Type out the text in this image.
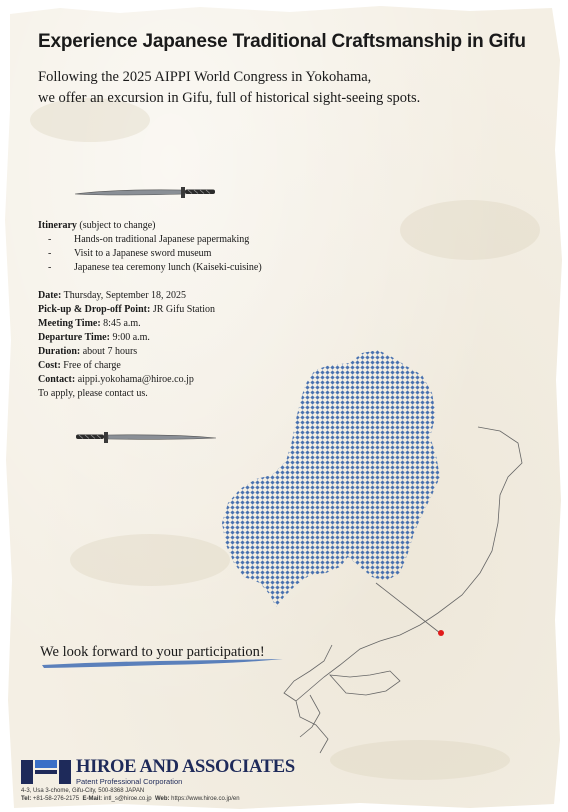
Experience Japanese Traditional Craftsmanship in Gifu
Following the 2025 AIPPI World Congress in Yokohama,
we offer an excursion in Gifu, full of historical sight-seeing spots.
Itinerary (subject to change)
- Hands-on traditional Japanese papermaking
- Visit to a Japanese sword museum
- Japanese tea ceremony lunch (Kaiseki-cuisine)
Date: Thursday, September 18, 2025
Pick-up & Drop-off Point: JR Gifu Station
Meeting Time: 8:45 a.m.
Departure Time: 9:00 a.m.
Duration: about 7 hours
Cost: Free of charge
Contact: aippi.yokohama@hiroe.co.jp
To apply, please contact us.
We look forward to your participation!
HIROE AND ASSOCIATES
Patent Professional Corporation
4-3, Usa 3-chome, Gifu-City, 500-8368 JAPAN
Tel: +81-58-276-2175 E-Mail: intl_s@hiroe.co.jp Web: https://www.hiroe.co.jp/en
